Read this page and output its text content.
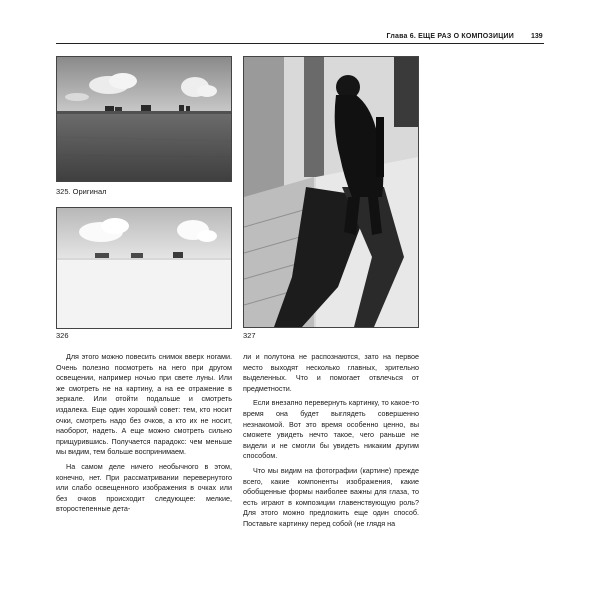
Глава 6. ЕЩЕ РАЗ О КОМПОЗИЦИИ 139
325. Оригинал
326	327

Для этого можно повесить снимок вверх ногами. Очень полезно посмотреть на него при другом освещении, например ночью при свете луны. Или же смотреть не на картину, а на ее отражение в зеркале. Или отойти подальше и смотреть издалека. Еще один хороший совет: тем, кто носит очки, смотреть надо без очков, а кто их не носит, наоборот, надеть. А еще можно смотреть сильно прищурившись. Получается парадокс: чем меньше мы видим, тем больше воспринимаем.

На самом деле ничего необычного в этом, конечно, нет. При рассматривании перевернутого или слабо освещенного изображения в очках или без очков происходит следующее: мелкие, второстепенные дета-

ли и полутона не распознаются, зато на первое место выходят несколько главных, зрительно выделенных. Что и помогает отвлечься от предметности.

Если внезапно перевернуть картинку, то какое-то время она будет выглядеть совершенно незнакомой. Вот это время особенно ценно, вы сможете увидеть нечто такое, чего раньше не видели и не смогли бы увидеть никаким другим способом.

Что мы видим на фотографии (картине) прежде всего, какие компоненты изображения, какие обобщенные формы наиболее важны для глаза, то есть играют в композиции главенствующую роль? Для этого можно предложить еще один способ. Поставьте картинку перед собой (не глядя на
